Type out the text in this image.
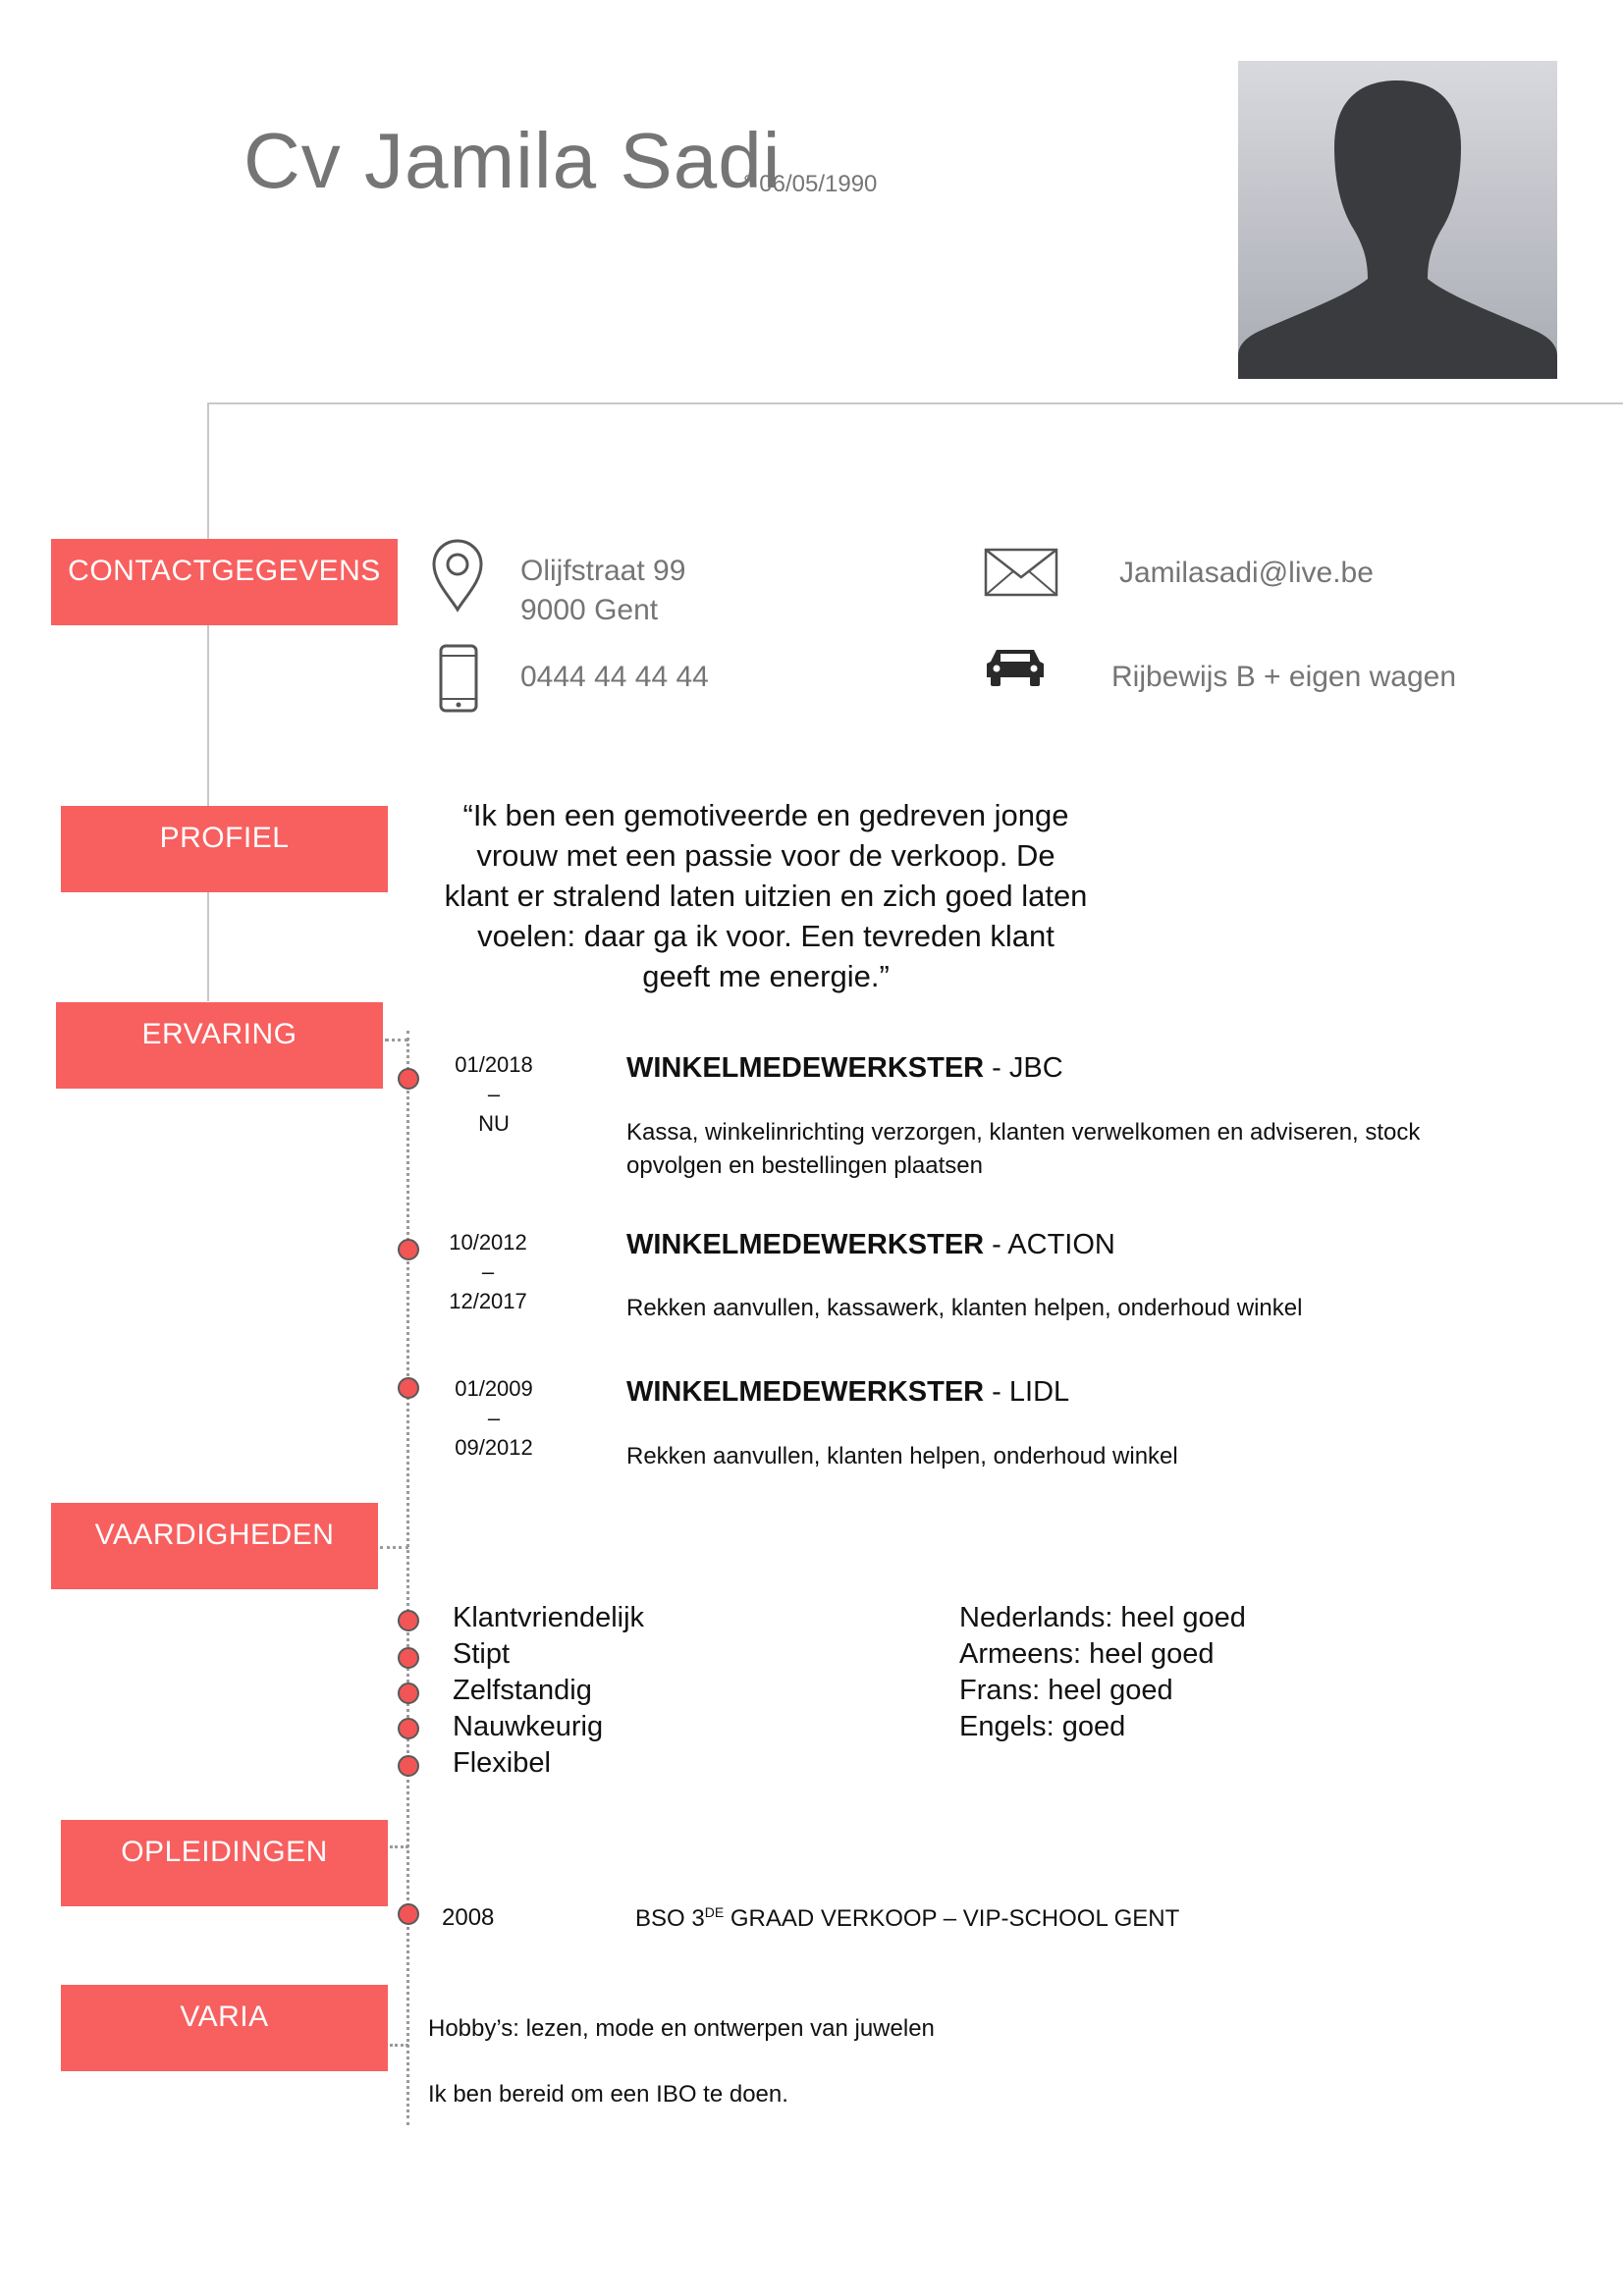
Cv Jamila Sadi
° 06/05/1990
CONTACTGEGEVENS
PROFIEL
ERVARING
VAARDIGHEDEN
OPLEIDINGEN
VARIA
Olijfstraat 99
9000 Gent
0444 44 44 44
Jamilasadi@live.be
Rijbewijs B + eigen wagen
“Ik ben een gemotiveerde en gedreven jonge vrouw met een passie voor de verkoop. De klant er stralend laten uitzien en zich goed laten voelen: daar ga ik voor. Een tevreden klant geeft me energie.”
01/2018
–
NU
WINKELMEDEWERKSTER - JBC
Kassa, winkelinrichting verzorgen, klanten verwelkomen en adviseren, stock opvolgen en bestellingen plaatsen
10/2012
–
12/2017
WINKELMEDEWERKSTER - ACTION
Rekken aanvullen, kassawerk, klanten helpen, onderhoud winkel
01/2009
–
09/2012
WINKELMEDEWERKSTER - LIDL
Rekken aanvullen, klanten helpen, onderhoud winkel
Klantvriendelijk
Stipt
Zelfstandig
Nauwkeurig
Flexibel
Nederlands: heel goed
Armeens: heel goed
Frans: heel goed
Engels: goed
2008	BSO 3DE GRAAD VERKOOP – VIP-SCHOOL GENT
Hobby’s: lezen, mode en ontwerpen van juwelen
Ik ben bereid om een IBO te doen.
